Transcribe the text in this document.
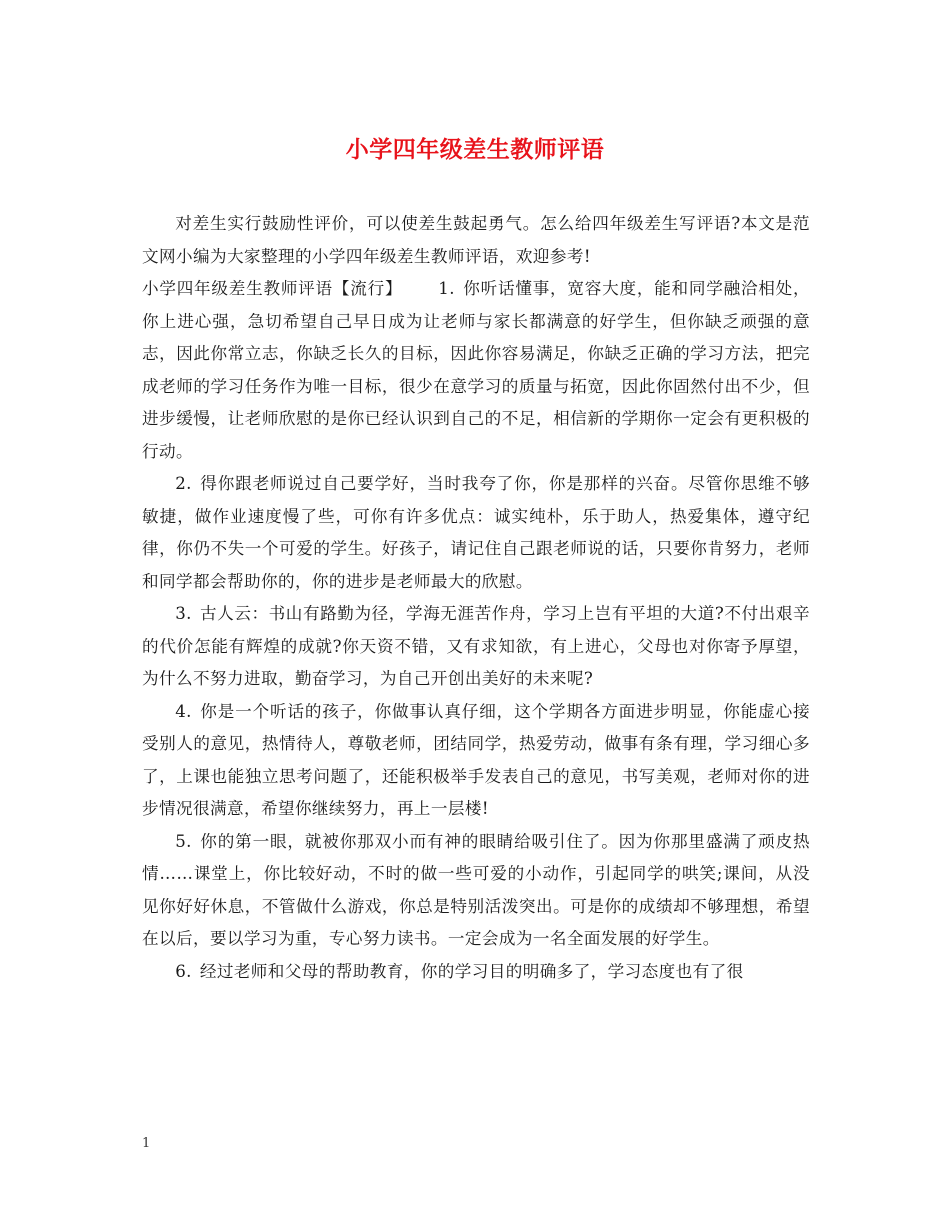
小学四年级差生教师评语

对差生实行鼓励性评价，可以使差生鼓起勇气。怎么给四年级差生写评语?本文是范文网小编为大家整理的小学四年级差生教师评语，欢迎参考!

小学四年级差生教师评语【流行】 1. 你听话懂事，宽容大度，能和同学融洽相处，你上进心强，急切希望自己早日成为让老师与家长都满意的好学生，但你缺乏顽强的意志，因此你常立志，你缺乏长久的目标，因此你容易满足，你缺乏正确的学习方法，把完成老师的学习任务作为唯一目标，很少在意学习的质量与拓宽，因此你固然付出不少，但进步缓慢，让老师欣慰的是你已经认识到自己的不足，相信新的学期你一定会有更积极的行动。

2. 得你跟老师说过自己要学好，当时我夸了你，你是那样的兴奋。尽管你思维不够敏捷，做作业速度慢了些，可你有许多优点：诚实纯朴，乐于助人，热爱集体，遵守纪律，你仍不失一个可爱的学生。好孩子，请记住自己跟老师说的话，只要你肯努力，老师和同学都会帮助你的，你的进步是老师最大的欣慰。

3. 古人云：书山有路勤为径，学海无涯苦作舟，学习上岂有平坦的大道?不付出艰辛的代价怎能有辉煌的成就?你天资不错，又有求知欲，有上进心，父母也对你寄予厚望，为什么不努力进取，勤奋学习，为自己开创出美好的未来呢?

4. 你是一个听话的孩子，你做事认真仔细，这个学期各方面进步明显，你能虚心接受别人的意见，热情待人，尊敬老师，团结同学，热爱劳动，做事有条有理，学习细心多了，上课也能独立思考问题了，还能积极举手发表自己的意见，书写美观，老师对你的进步情况很满意，希望你继续努力，再上一层楼!

5. 你的第一眼，就被你那双小而有神的眼睛给吸引住了。因为你那里盛满了顽皮热情……课堂上，你比较好动，不时的做一些可爱的小动作，引起同学的哄笑;课间，从没见你好好休息，不管做什么游戏，你总是特别活泼突出。可是你的成绩却不够理想，希望在以后，要以学习为重，专心努力读书。一定会成为一名全面发展的好学生。

6. 经过老师和父母的帮助教育，你的学习目的明确多了，学习态度也有了很

1
